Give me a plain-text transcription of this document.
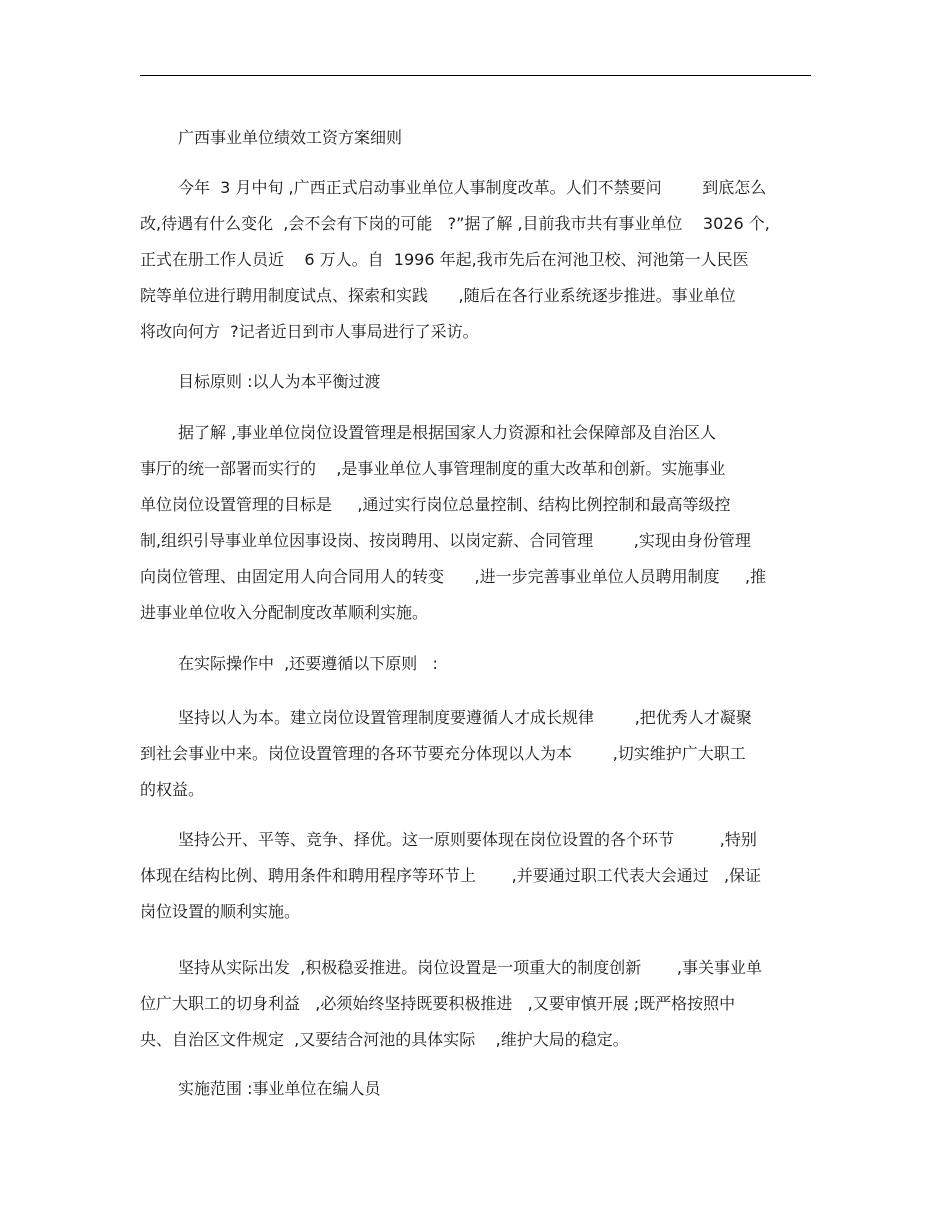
广西事业单位绩效工资方案细则

今年  3 月中旬 ,广西正式启动事业单位人事制度改革。人们不禁要问        到底怎么
改,待遇有什么变化  ,会不会有下岗的可能   ?”据了解 ,目前我市共有事业单位    3026 个,
正式在册工作人员近    6 万人。自  1996 年起,我市先后在河池卫校、河池第一人民医
院等单位进行聘用制度试点、探索和实践      ,随后在各行业系统逐步推进。事业单位
将改向何方  ?记者近日到市人事局进行了采访。

目标原则 :以人为本平衡过渡

据了解 ,事业单位岗位设置管理是根据国家人力资源和社会保障部及自治区人
事厅的统一部署而实行的    ,是事业单位人事管理制度的重大改革和创新。实施事业
单位岗位设置管理的目标是     ,通过实行岗位总量控制、结构比例控制和最高等级控
制,组织引导事业单位因事设岗、按岗聘用、以岗定薪、合同管理        ,实现由身份管理
向岗位管理、由固定用人向合同用人的转变      ,进一步完善事业单位人员聘用制度     ,推
进事业单位收入分配制度改革顺利实施。

在实际操作中  ,还要遵循以下原则   :

坚持以人为本。建立岗位设置管理制度要遵循人才成长规律        ,把优秀人才凝聚
到社会事业中来。岗位设置管理的各环节要充分体现以人为本        ,切实维护广大职工
的权益。

坚持公开、平等、竞争、择优。这一原则要体现在岗位设置的各个环节         ,特别
体现在结构比例、聘用条件和聘用程序等环节上       ,并要通过职工代表大会通过   ,保证
岗位设置的顺利实施。

坚持从实际出发  ,积极稳妥推进。岗位设置是一项重大的制度创新       ,事关事业单
位广大职工的切身利益   ,必须始终坚持既要积极推进   ,又要审慎开展 ;既严格按照中
央、自治区文件规定  ,又要结合河池的具体实际    ,维护大局的稳定。

实施范围 :事业单位在编人员
